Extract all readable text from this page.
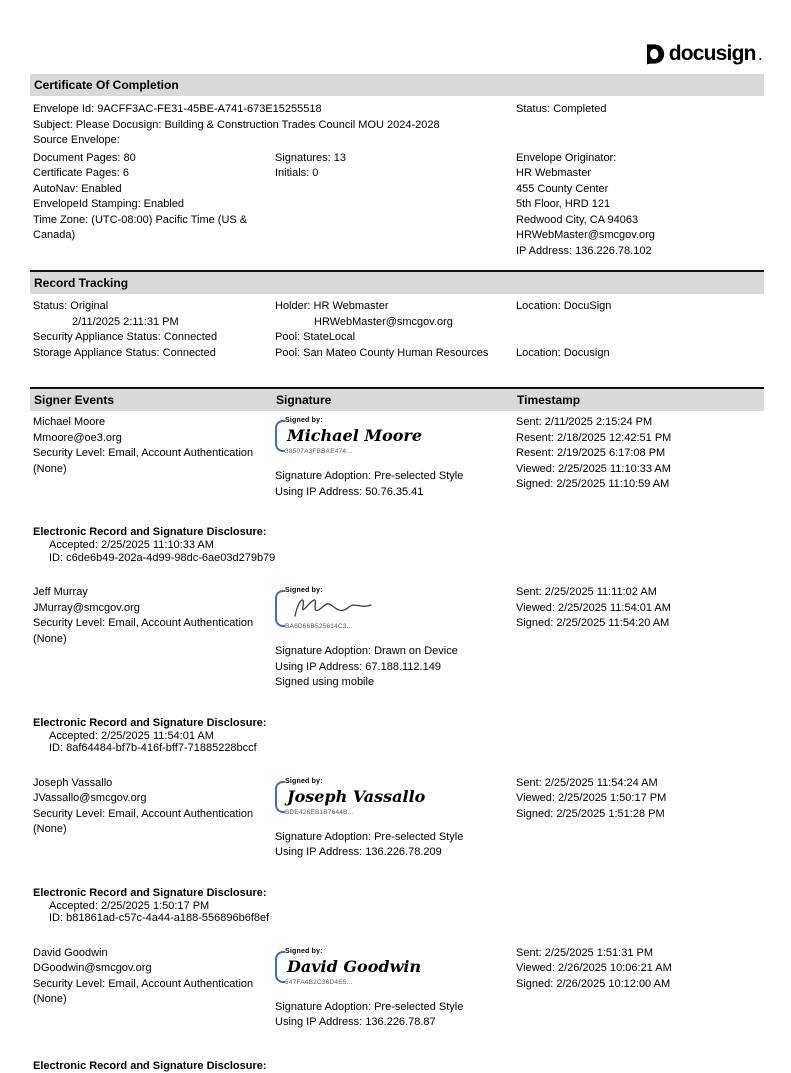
docusign .
Certificate Of Completion
Envelope Id: 9ACFF3AC-FE31-45BE-A741-673E15255518
Subject: Please Docusign: Building & Construction Trades Council MOU 2024-2028
Source Envelope:
Status: Completed
Document Pages: 80
Certificate Pages: 6
AutoNav: Enabled
EnvelopeId Stamping: Enabled
Time Zone: (UTC-08:00) Pacific Time (US & Canada)
Signatures: 13
Initials: 0
Envelope Originator:
HR Webmaster
455 County Center
5th Floor, HRD 121
Redwood City, CA 94063
HRWebMaster@smcgov.org
IP Address: 136.226.78.102
Record Tracking
Status: Original
2/11/2025 2:11:31 PM
Security Appliance Status: Connected
Storage Appliance Status: Connected
Holder: HR Webmaster
HRWebMaster@smcgov.org
Pool: StateLocal
Pool: San Mateo County Human Resources
Location: DocuSign
Location: Docusign
Signer Events	Signature	Timestamp
Michael Moore
Mmoore@oe3.org
Security Level: Email, Account Authentication
(None)
Signed by:
Michael Moore
38507A3FBBAE474...
Signature Adoption: Pre-selected Style
Using IP Address: 50.76.35.41
Sent: 2/11/2025 2:15:24 PM
Resent: 2/18/2025 12:42:51 PM
Resent: 2/19/2025 6:17:08 PM
Viewed: 2/25/2025 11:10:33 AM
Signed: 2/25/2025 11:10:59 AM
Electronic Record and Signature Disclosure:
Accepted: 2/25/2025 11:10:33 AM
ID: c6de6b49-202a-4d99-98dc-6ae03d279b79
Jeff Murray
JMurray@smcgov.org
Security Level: Email, Account Authentication
(None)
Signed by:
BA6D66B525614C3...
Signature Adoption: Drawn on Device
Using IP Address: 67.188.112.149
Signed using mobile
Sent: 2/25/2025 11:11:02 AM
Viewed: 2/25/2025 11:54:01 AM
Signed: 2/25/2025 11:54:20 AM
Electronic Record and Signature Disclosure:
Accepted: 2/25/2025 11:54:01 AM
ID: 8af64484-bf7b-416f-bff7-71885228bccf
Joseph Vassallo
JVassallo@smcgov.org
Security Level: Email, Account Authentication
(None)
Signed by:
Joseph Vassallo
BDE426EB1B7644B...
Signature Adoption: Pre-selected Style
Using IP Address: 136.226.78.209
Sent: 2/25/2025 11:54:24 AM
Viewed: 2/25/2025 1:50:17 PM
Signed: 2/25/2025 1:51:28 PM
Electronic Record and Signature Disclosure:
Accepted: 2/25/2025 1:50:17 PM
ID: b81861ad-c57c-4a44-a188-556896b6f8ef
David Goodwin
DGoodwin@smcgov.org
Security Level: Email, Account Authentication
(None)
Signed by:
David Goodwin
647FA4B2C36D4E5...
Signature Adoption: Pre-selected Style
Using IP Address: 136.226.78.87
Sent: 2/25/2025 1:51:31 PM
Viewed: 2/26/2025 10:06:21 AM
Signed: 2/26/2025 10:12:00 AM
Electronic Record and Signature Disclosure:
